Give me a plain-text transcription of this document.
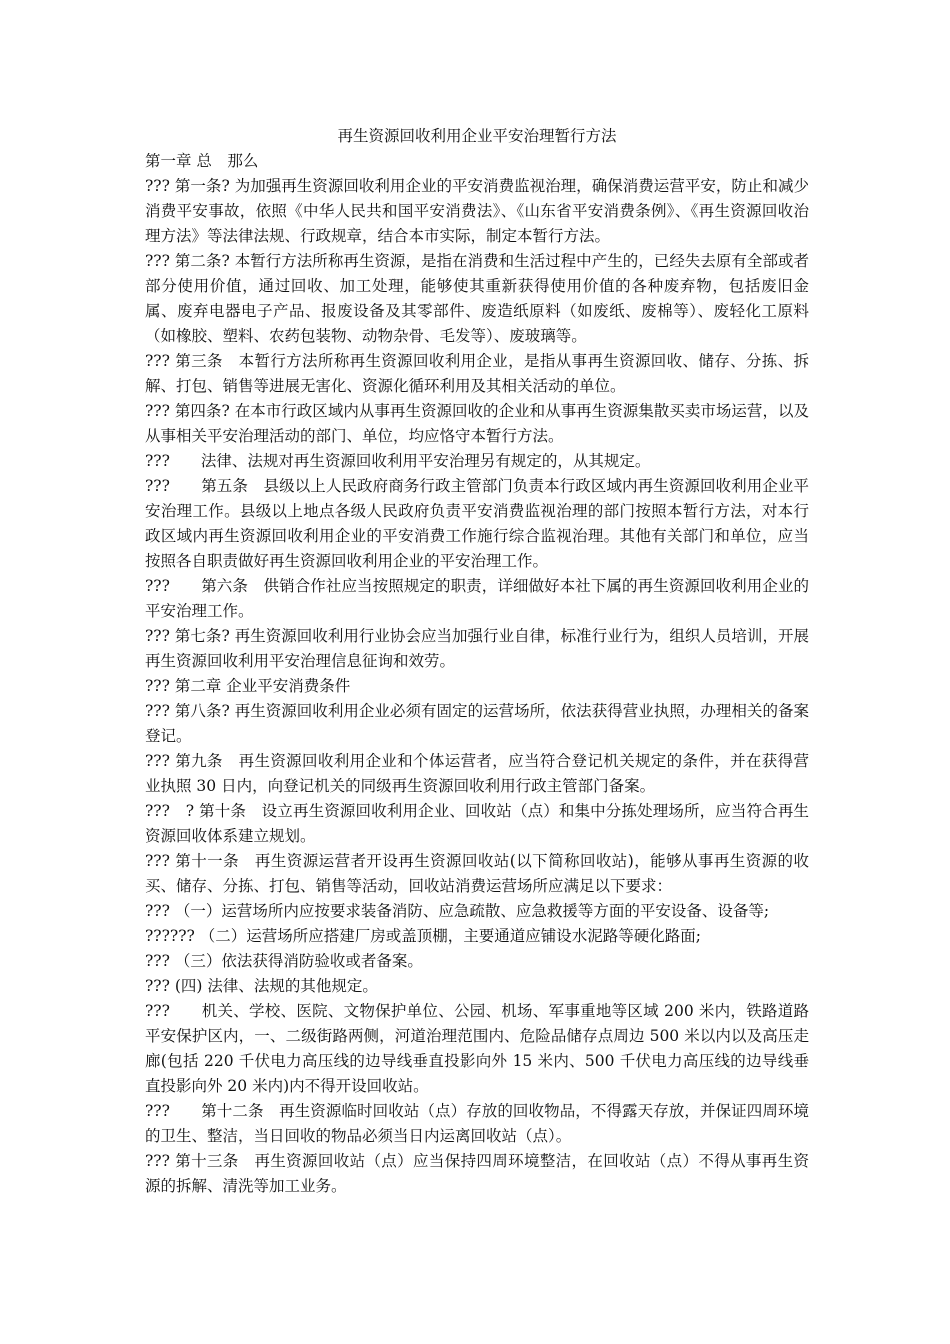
再生资源回收利用企业平安治理暂行方法

第一章 总　那么

??? 第一条? 为加强再生资源回收利用企业的平安消费监视治理，确保消费运营平安，防止和减少消费平安事故，依照《中华人民共和国平安消费法》、《山东省平安消费条例》、《再生资源回收治理方法》等法律法规、行政规章，结合本市实际，制定本暂行方法。

??? 第二条? 本暂行方法所称再生资源，是指在消费和生活过程中产生的，已经失去原有全部或者部分使用价值，通过回收、加工处理，能够使其重新获得使用价值的各种废弃物，包括废旧金属、废弃电器电子产品、报废设备及其零部件、废造纸原料（如废纸、废棉等）、废轻化工原料（如橡胶、塑料、农药包装物、动物杂骨、毛发等）、废玻璃等。

??? 第三条　本暂行方法所称再生资源回收利用企业，是指从事再生资源回收、储存、分拣、拆解、打包、销售等进展无害化、资源化循环利用及其相关活动的单位。

??? 第四条? 在本市行政区域内从事再生资源回收的企业和从事再生资源集散买卖市场运营，以及从事相关平安治理活动的部门、单位，均应恪守本暂行方法。

???　　法律、法规对再生资源回收利用平安治理另有规定的，从其规定。

???　　第五条　县级以上人民政府商务行政主管部门负责本行政区域内再生资源回收利用企业平安治理工作。县级以上地点各级人民政府负责平安消费监视治理的部门按照本暂行方法，对本行政区域内再生资源回收利用企业的平安消费工作施行综合监视治理。其他有关部门和单位，应当按照各自职责做好再生资源回收利用企业的平安治理工作。

???　　第六条　供销合作社应当按照规定的职责，详细做好本社下属的再生资源回收利用企业的平安治理工作。

??? 第七条? 再生资源回收利用行业协会应当加强行业自律，标准行业行为，组织人员培训，开展再生资源回收利用平安治理信息征询和效劳。

??? 第二章 企业平安消费条件

??? 第八条? 再生资源回收利用企业必须有固定的运营场所，依法获得营业执照，办理相关的备案登记。

??? 第九条　再生资源回收利用企业和个体运营者，应当符合登记机关规定的条件，并在获得营业执照 30 日内，向登记机关的同级再生资源回收利用行政主管部门备案。

???　? 第十条　设立再生资源回收利用企业、回收站（点）和集中分拣处理场所，应当符合再生资源回收体系建立规划。

??? 第十一条　再生资源运营者开设再生资源回收站(以下简称回收站)，能够从事再生资源的收买、储存、分拣、打包、销售等活动，回收站消费运营场所应满足以下要求：

??? （一）运营场所内应按要求装备消防、应急疏散、应急救援等方面的平安设备、设备等;

?????? （二）运营场所应搭建厂房或盖顶棚，主要通道应铺设水泥路等硬化路面;

??? （三）依法获得消防验收或者备案。

??? (四) 法律、法规的其他规定。

???　　机关、学校、医院、文物保护单位、公园、机场、军事重地等区域 200 米内，铁路道路平安保护区内，一、二级街路两侧，河道治理范围内、危险品储存点周边 500 米以内以及高压走廊(包括 220 千伏电力高压线的边导线垂直投影向外 15 米内、500 千伏电力高压线的边导线垂直投影向外 20 米内)内不得开设回收站。

???　　第十二条　再生资源临时回收站（点）存放的回收物品，不得露天存放，并保证四周环境的卫生、整洁，当日回收的物品必须当日内运离回收站（点）。

??? 第十三条　再生资源回收站（点）应当保持四周环境整洁，在回收站（点）不得从事再生资源的拆解、清洗等加工业务。
